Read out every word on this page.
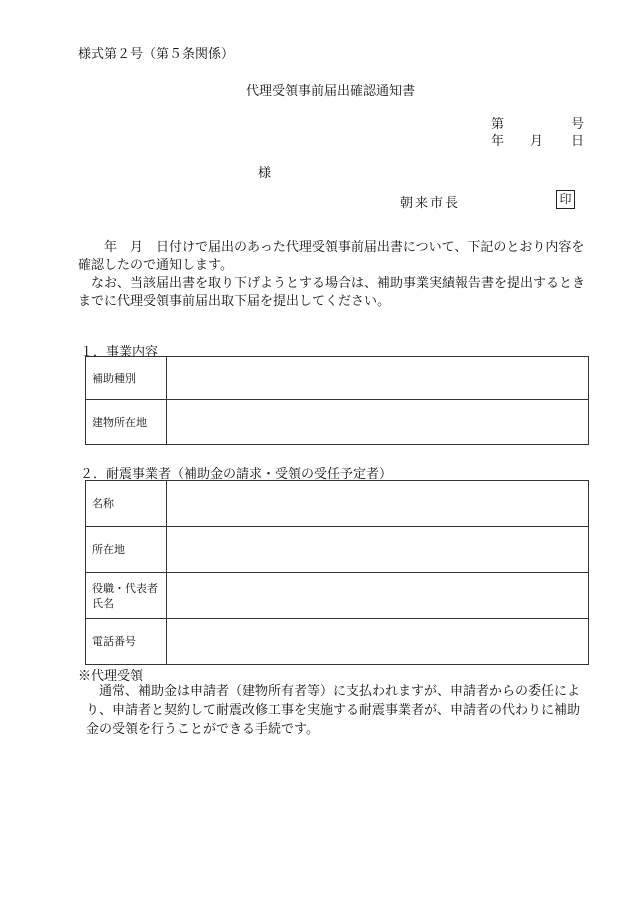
様式第２号（第５条関係）
代理受領事前届出確認通知書
第	号
年 月 日
様
朝来市長	印
　　年　月　日付けで届出のあった代理受領事前届出書について、下記のとおり内容を確認したので通知します。
　なお、当該届出書を取り下げようとする場合は、補助事業実績報告書を提出するときまでに代理受領事前届出取下届を提出してください。
１．事業内容
補助種別	
建物所在地	
２．耐震事業者（補助金の請求・受領の受任予定者）
名称	
所在地	
役職・代表者氏名	
電話番号	
※代理受領
　通常、補助金は申請者（建物所有者等）に支払われますが、申請者からの委任により、申請者と契約して耐震改修工事を実施する耐震事業者が、申請者の代わりに補助金の受領を行うことができる手続です。
